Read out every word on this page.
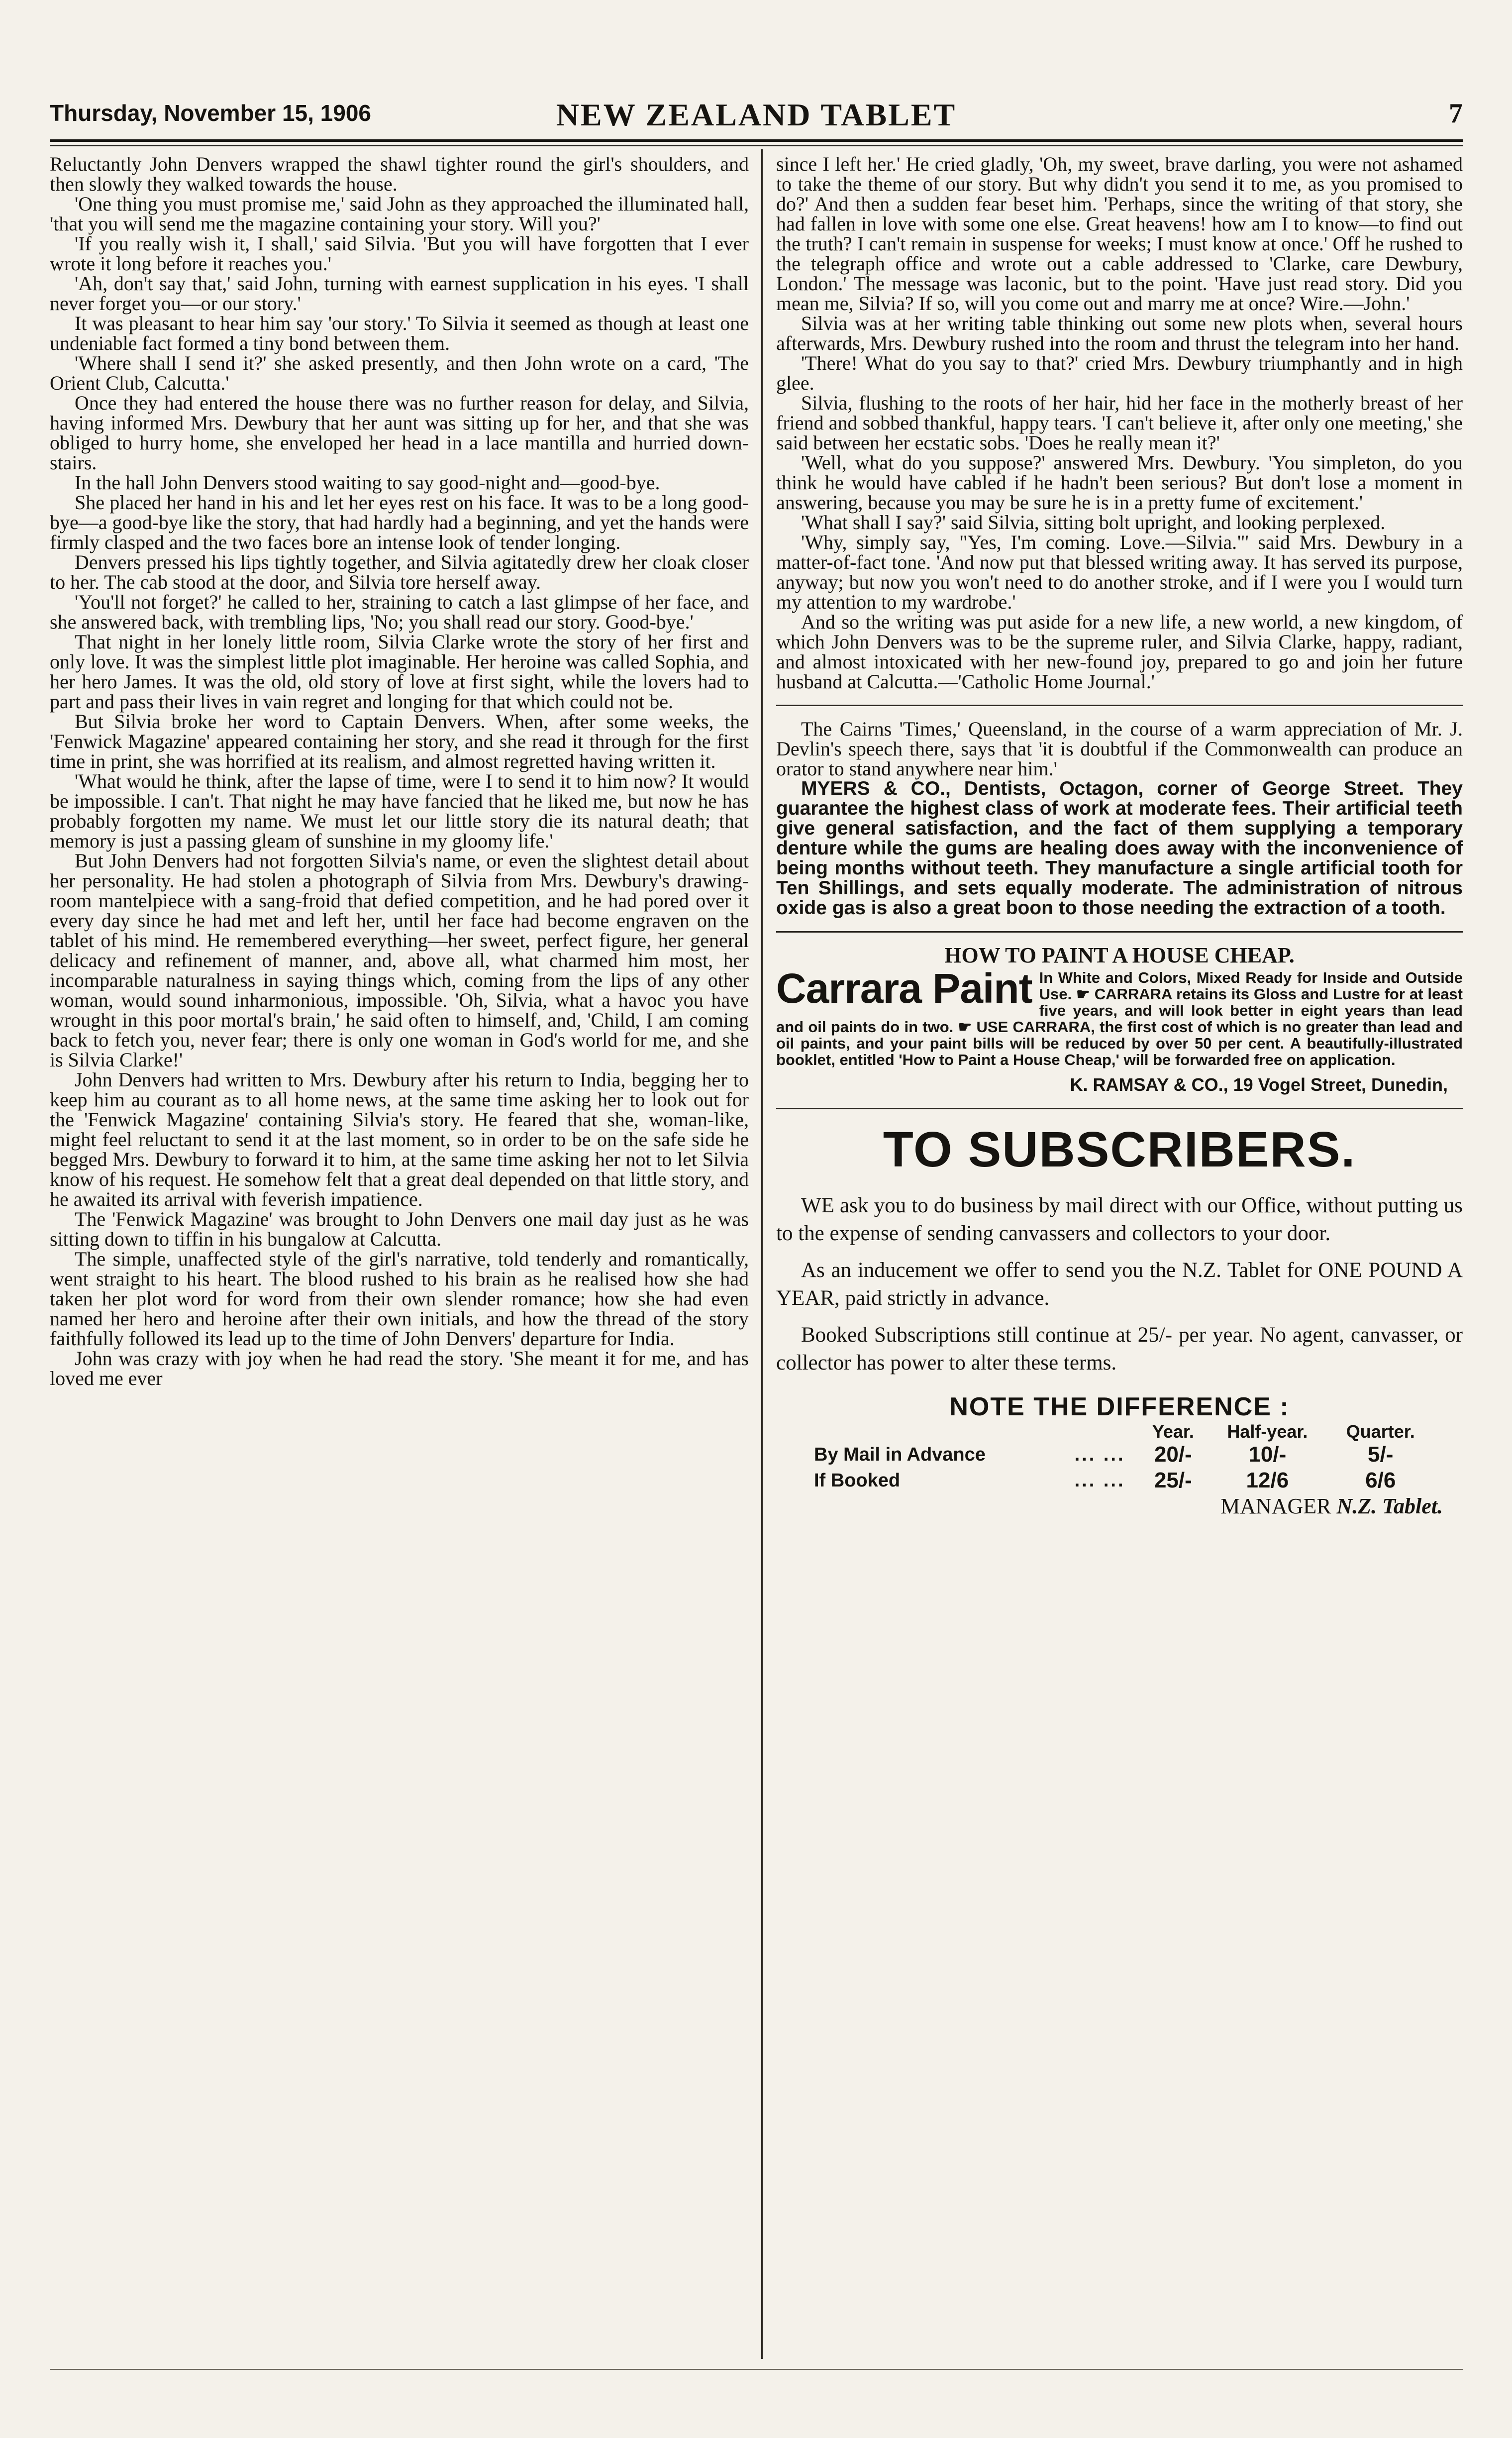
Thursday, November 15, 1906	NEW ZEALAND TABLET	7

Reluctantly John Denvers wrapped the shawl tighter round the girl's shoulders, and then slowly they walked towards the house.

'One thing you must promise me,' said John as they approached the illuminated hall, 'that you will send me the magazine containing your story. Will you?'

'If you really wish it, I shall,' said Silvia. 'But you will have forgotten that I ever wrote it long before it reaches you.'

'Ah, don't say that,' said John, turning with earnest supplication in his eyes. 'I shall never forget you—or our story.'

It was pleasant to hear him say 'our story.' To Silvia it seemed as though at least one undeniable fact formed a tiny bond between them.

'Where shall I send it?' she asked presently, and then John wrote on a card, 'The Orient Club, Calcutta.'

Once they had entered the house there was no further reason for delay, and Silvia, having informed Mrs. Dewbury that her aunt was sitting up for her, and that she was obliged to hurry home, she enveloped her head in a lace mantilla and hurried down-stairs.

In the hall John Denvers stood waiting to say good-night and—good-bye.

She placed her hand in his and let her eyes rest on his face. It was to be a long good-bye—a good-bye like the story, that had hardly had a beginning, and yet the hands were firmly clasped and the two faces bore an intense look of tender longing.

Denvers pressed his lips tightly together, and Silvia agitatedly drew her cloak closer to her. The cab stood at the door, and Silvia tore herself away.

'You'll not forget?' he called to her, straining to catch a last glimpse of her face, and she answered back, with trembling lips, 'No; you shall read our story. Good-bye.'

That night in her lonely little room, Silvia Clarke wrote the story of her first and only love. It was the simplest little plot imaginable. Her heroine was called Sophia, and her hero James. It was the old, old story of love at first sight, while the lovers had to part and pass their lives in vain regret and longing for that which could not be.

But Silvia broke her word to Captain Denvers. When, after some weeks, the 'Fenwick Magazine' appeared containing her story, and she read it through for the first time in print, she was horrified at its realism, and almost regretted having written it.

'What would he think, after the lapse of time, were I to send it to him now? It would be impossible. I can't. That night he may have fancied that he liked me, but now he has probably forgotten my name. We must let our little story die its natural death; that memory is just a passing gleam of sunshine in my gloomy life.'

But John Denvers had not forgotten Silvia's name, or even the slightest detail about her personality. He had stolen a photograph of Silvia from Mrs. Dewbury's drawing-room mantelpiece with a sang-froid that defied competition, and he had pored over it every day since he had met and left her, until her face had become engraven on the tablet of his mind. He remembered everything—her sweet, perfect figure, her general delicacy and refinement of manner, and, above all, what charmed him most, her incomparable naturalness in saying things which, coming from the lips of any other woman, would sound inharmonious, impossible. 'Oh, Silvia, what a havoc you have wrought in this poor mortal's brain,' he said often to himself, and, 'Child, I am coming back to fetch you, never fear; there is only one woman in God's world for me, and she is Silvia Clarke!'

John Denvers had written to Mrs. Dewbury after his return to India, begging her to keep him au courant as to all home news, at the same time asking her to look out for the 'Fenwick Magazine' containing Silvia's story. He feared that she, woman-like, might feel reluctant to send it at the last moment, so in order to be on the safe side he begged Mrs. Dewbury to forward it to him, at the same time asking her not to let Silvia know of his request. He somehow felt that a great deal depended on that little story, and he awaited its arrival with feverish impatience.

The 'Fenwick Magazine' was brought to John Denvers one mail day just as he was sitting down to tiffin in his bungalow at Calcutta.

The simple, unaffected style of the girl's narrative, told tenderly and romantically, went straight to his heart. The blood rushed to his brain as he realised how she had taken her plot word for word from their own slender romance; how she had even named her hero and heroine after their own initials, and how the thread of the story faithfully followed its lead up to the time of John Denvers' departure for India.

John was crazy with joy when he had read the story. 'She meant it for me, and has loved me ever

since I left her.' He cried gladly, 'Oh, my sweet, brave darling, you were not ashamed to take the theme of our story. But why didn't you send it to me, as you promised to do?' And then a sudden fear beset him. 'Perhaps, since the writing of that story, she had fallen in love with some one else. Great heavens! how am I to know—to find out the truth? I can't remain in suspense for weeks; I must know at once.' Off he rushed to the telegraph office and wrote out a cable addressed to 'Clarke, care Dewbury, London.' The message was laconic, but to the point. 'Have just read story. Did you mean me, Silvia? If so, will you come out and marry me at once? Wire.—John.'

Silvia was at her writing table thinking out some new plots when, several hours afterwards, Mrs. Dewbury rushed into the room and thrust the telegram into her hand.

'There! What do you say to that?' cried Mrs. Dewbury triumphantly and in high glee.

Silvia, flushing to the roots of her hair, hid her face in the motherly breast of her friend and sobbed thankful, happy tears. 'I can't believe it, after only one meeting,' she said between her ecstatic sobs. 'Does he really mean it?'

'Well, what do you suppose?' answered Mrs. Dewbury. 'You simpleton, do you think he would have cabled if he hadn't been serious? But don't lose a moment in answering, because you may be sure he is in a pretty fume of excitement.'

'What shall I say?' said Silvia, sitting bolt upright, and looking perplexed.

'Why, simply say, "Yes, I'm coming. Love.—Silvia."' said Mrs. Dewbury in a matter-of-fact tone. 'And now put that blessed writing away. It has served its purpose, anyway; but now you won't need to do another stroke, and if I were you I would turn my attention to my wardrobe.'

And so the writing was put aside for a new life, a new world, a new kingdom, of which John Denvers was to be the supreme ruler, and Silvia Clarke, happy, radiant, and almost intoxicated with her new-found joy, prepared to go and join her future husband at Calcutta.—'Catholic Home Journal.'

The Cairns 'Times,' Queensland, in the course of a warm appreciation of Mr. J. Devlin's speech there, says that 'it is doubtful if the Commonwealth can produce an orator to stand anywhere near him.'

MYERS & CO., Dentists, Octagon, corner of George Street. They guarantee the highest class of work at moderate fees. Their artificial teeth give general satisfaction, and the fact of them supplying a temporary denture while the gums are healing does away with the inconvenience of being months without teeth. They manufacture a single artificial tooth for Ten Shillings, and sets equally moderate. The administration of nitrous oxide gas is also a great boon to those needing the extraction of a tooth.
HOW TO PAINT A HOUSE CHEAP.
Carrara Paint In White and Colors, Mixed Ready for Inside and Outside Use. ☛ CARRARA retains its Gloss and Lustre for at least five years, and will look better in eight years than lead and oil paints do in two. ☛ USE CARRARA, the first cost of which is no greater than lead and oil paints, and your paint bills will be reduced by over 50 per cent. A beautifully-illustrated booklet, entitled 'How to Paint a House Cheap,' will be forwarded free on application.
K. RAMSAY & CO., 19 Vogel Street, Dunedin,
TO SUBSCRIBERS.

WE ask you to do business by mail direct with our Office, without putting us to the expense of sending canvassers and collectors to your door.

As an inducement we offer to send you the N.Z. Tablet for ONE POUND A YEAR, paid strictly in advance.

Booked Subscriptions still continue at 25/- per year. No agent, canvasser, or collector has power to alter these terms.

NOTE THE DIFFERENCE :
		Year.	Half-year.	Quarter.
By Mail in Advance	... ...	20/-	10/-	5/-
If Booked	... ...	25/-	12/6	6/6
MANAGER N.Z. Tablet.
